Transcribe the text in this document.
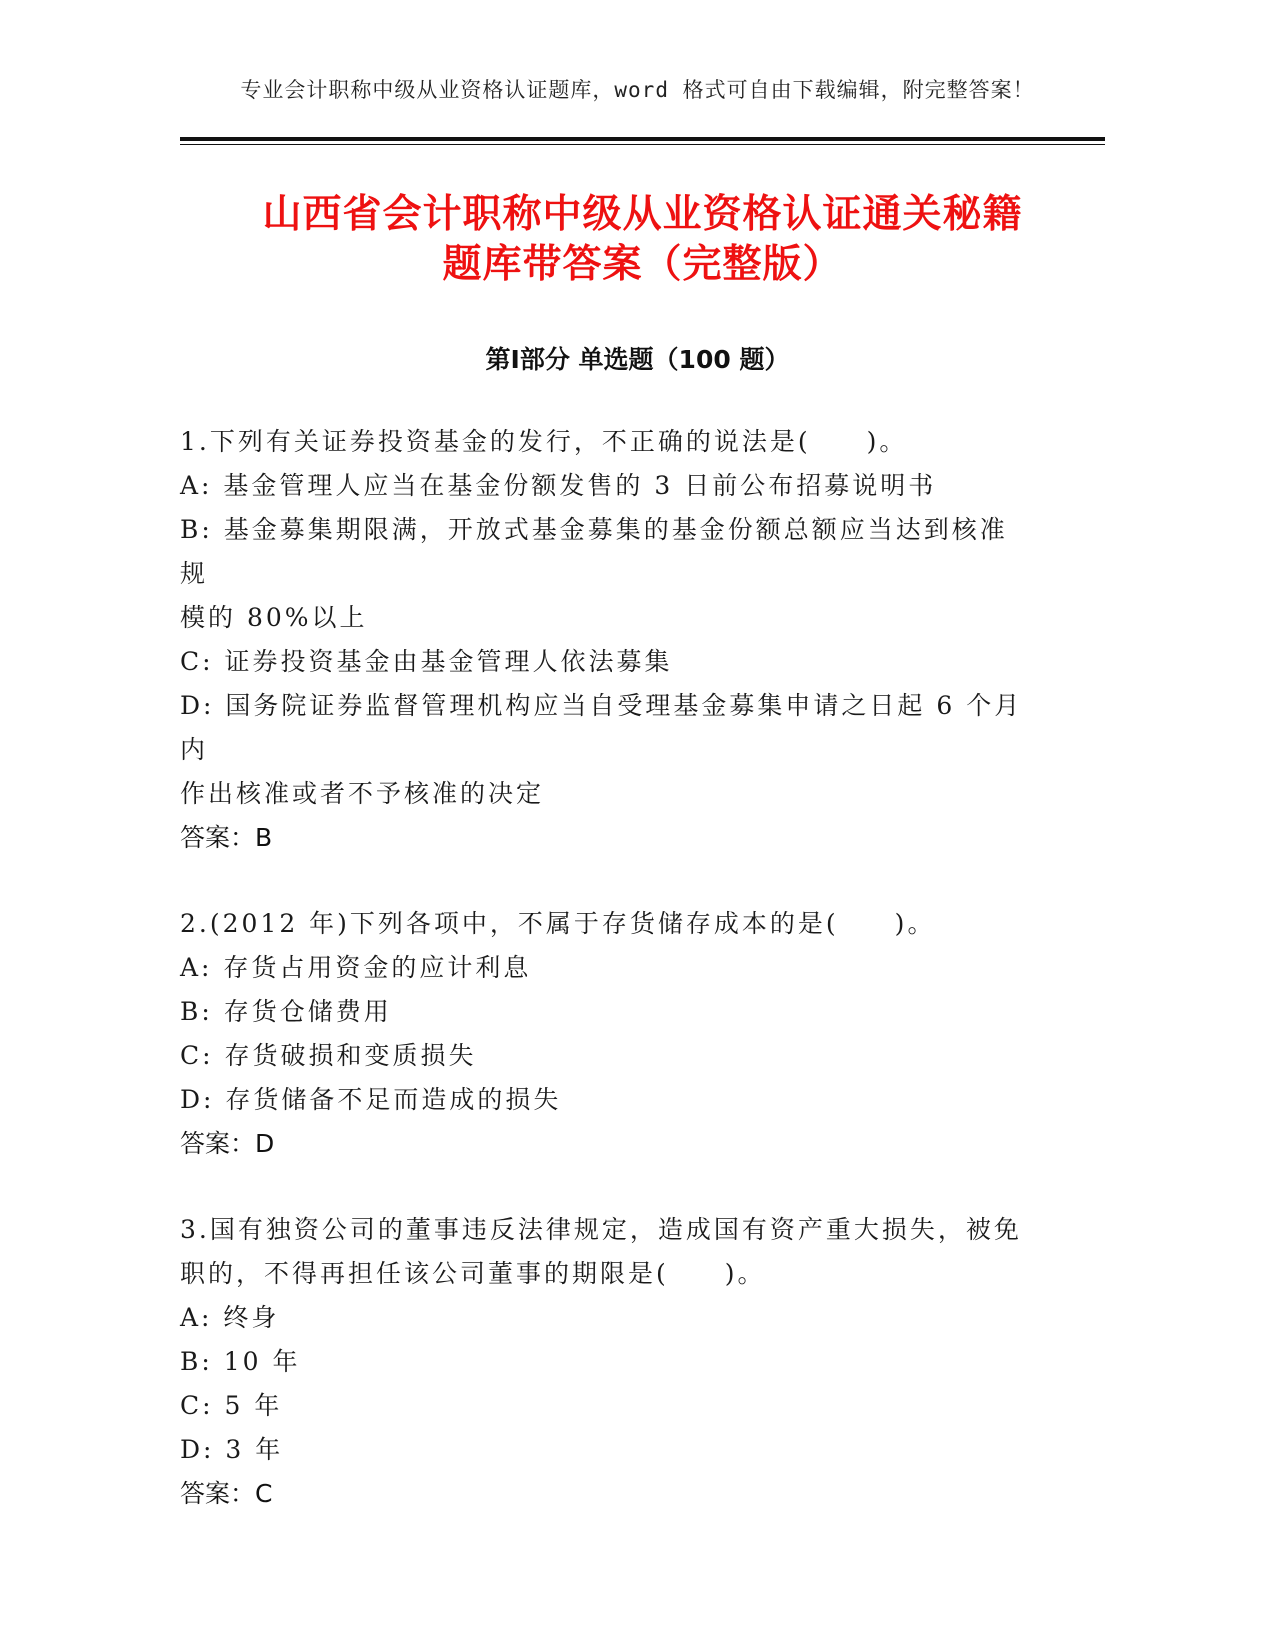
专业会计职称中级从业资格认证题库，word 格式可自由下载编辑，附完整答案！
山西省会计职称中级从业资格认证通关秘籍
题库带答案（完整版）
第Ⅰ部分 单选题（100 题）
1.下列有关证券投资基金的发行，不正确的说法是(　　)。
A: 基金管理人应当在基金份额发售的 3 日前公布招募说明书
B: 基金募集期限满，开放式基金募集的基金份额总额应当达到核准规
模的 80%以上
C: 证券投资基金由基金管理人依法募集
D: 国务院证券监督管理机构应当自受理基金募集申请之日起 6 个月内
作出核准或者不予核准的决定
答案：B
2.(2012 年)下列各项中，不属于存货储存成本的是(　　)。
A: 存货占用资金的应计利息
B: 存货仓储费用
C: 存货破损和变质损失
D: 存货储备不足而造成的损失
答案：D
3.国有独资公司的董事违反法律规定，造成国有资产重大损失，被免
职的，不得再担任该公司董事的期限是(　　)。
A: 终身
B: 10 年
C: 5 年
D: 3 年
答案：C
